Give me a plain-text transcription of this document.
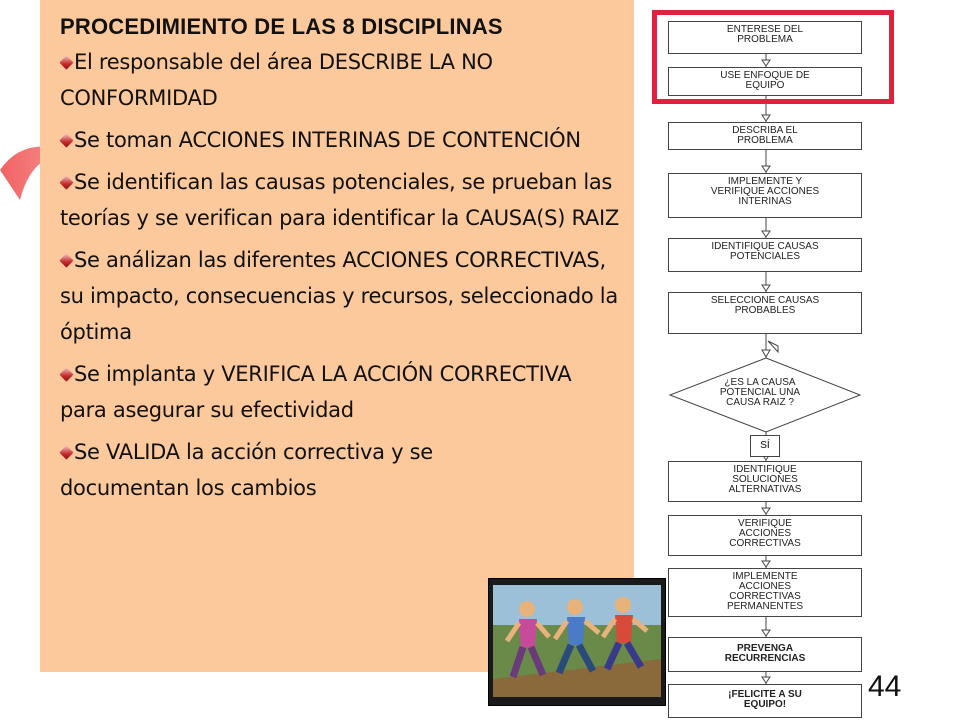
PROCEDIMIENTO DE LAS 8 DISCIPLINAS
El responsable del área DESCRIBE LA NO CONFORMIDAD
Se toman ACCIONES INTERINAS DE CONTENCIÓN
Se identifican las causas potenciales, se prueban las teorías y se verifican para identificar la CAUSA(S) RAIZ
Se análizan las diferentes ACCIONES CORRECTIVAS, su impacto, consecuencias y recursos, seleccionado la óptima
Se implanta y VERIFICA LA ACCIÓN CORRECTIVA para asegurar su efectividad
Se VALIDA la acción correctiva y se documentan los cambios
44
ENTERESE DEL
PROBLEMA
USE ENFOQUE DE
EQUIPO
DESCRIBA EL
PROBLEMA
IMPLEMENTE Y
VERIFIQUE ACCIONES
INTERINAS
IDENTIFIQUE CAUSAS
POTENCIALES
SELECCIONE CAUSAS
PROBABLES
¿ES LA CAUSA
POTENCIAL UNA
CAUSA RAIZ ?
SÍ
IDENTIFIQUE
SOLUCIONES
ALTERNATIVAS
VERIFIQUE
ACCIONES
CORRECTIVAS
IMPLEMENTE
ACCIONES
CORRECTIVAS
PERMANENTES
PREVENGA
RECURRENCIAS
¡FELICITE A SU
EQUIPO!
